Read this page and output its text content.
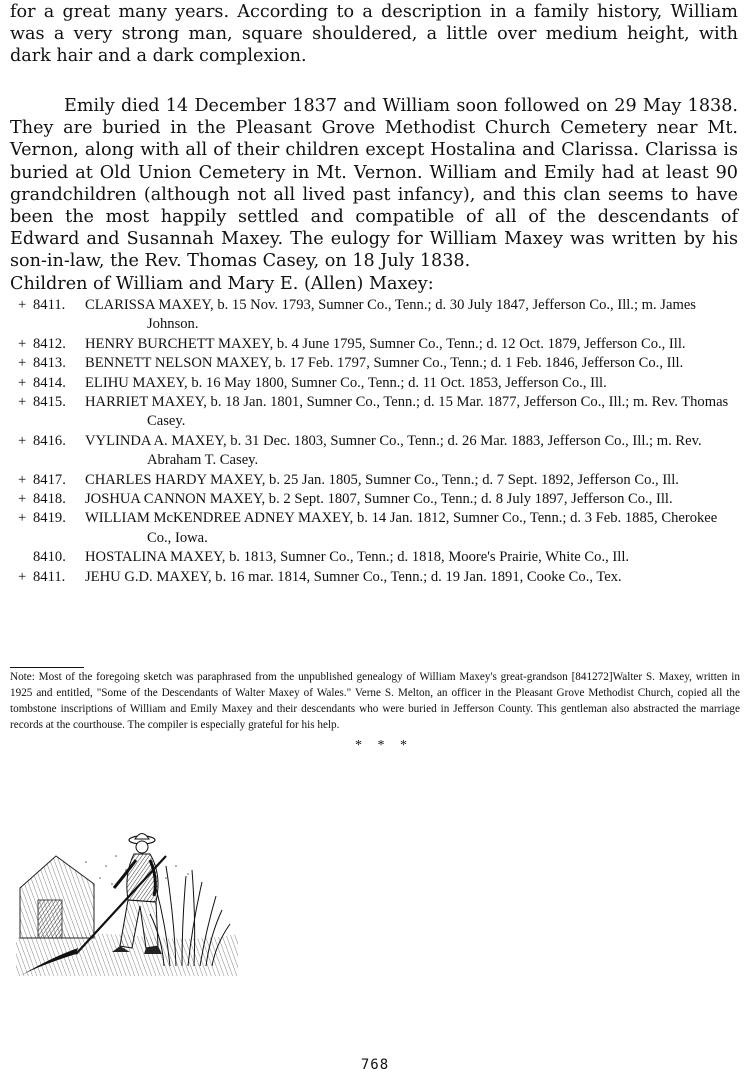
for a great many years. According to a description in a family history, William was a very strong man, square shouldered, a little over medium height, with dark hair and a dark complexion.

Emily died 14 December 1837 and William soon followed on 29 May 1838. They are buried in the Pleasant Grove Methodist Church Cemetery near Mt. Vernon, along with all of their children except Hostalina and Clarissa. Clarissa is buried at Old Union Cemetery in Mt. Vernon. William and Emily had at least 90 grandchildren (although not all lived past infancy), and this clan seems to have been the most happily settled and compatible of all of the descendants of Edward and Susannah Maxey. The eulogy for William Maxey was written by his son-in-law, the Rev. Thomas Casey, on 18 July 1838.

Children of William and Mary E. (Allen) Maxey:

+ 8411.	CLARISSA MAXEY, b. 15 Nov. 1793, Sumner Co., Tenn.; d. 30 July 1847, Jefferson Co., Ill.; m. James Johnson.
+ 8412.	HENRY BURCHETT MAXEY, b. 4 June 1795, Sumner Co., Tenn.; d. 12 Oct. 1879, Jefferson Co., Ill.
+ 8413.	BENNETT NELSON MAXEY, b. 17 Feb. 1797, Sumner Co., Tenn.; d. 1 Feb. 1846, Jefferson Co., Ill.
+ 8414.	ELIHU MAXEY, b. 16 May 1800, Sumner Co., Tenn.; d. 11 Oct. 1853, Jefferson Co., Ill.
+ 8415.	HARRIET MAXEY, b. 18 Jan. 1801, Sumner Co., Tenn.; d. 15 Mar. 1877, Jefferson Co., Ill.; m. Rev. Thomas Casey.
+ 8416.	VYLINDA A. MAXEY, b. 31 Dec. 1803, Sumner Co., Tenn.; d. 26 Mar. 1883, Jefferson Co., Ill.; m. Rev. Abraham T. Casey.
+ 8417.	CHARLES HARDY MAXEY, b. 25 Jan. 1805, Sumner Co., Tenn.; d. 7 Sept. 1892, Jefferson Co., Ill.
+ 8418.	JOSHUA CANNON MAXEY, b. 2 Sept. 1807, Sumner Co., Tenn.; d. 8 July 1897, Jefferson Co., Ill.
+ 8419.	WILLIAM McKENDREE ADNEY MAXEY, b. 14 Jan. 1812, Sumner Co., Tenn.; d. 3 Feb. 1885, Cherokee Co., Iowa.
8410.	HOSTALINA MAXEY, b. 1813, Sumner Co., Tenn.; d. 1818, Moore's Prairie, White Co., Ill.
+ 8411.	JEHU G.D. MAXEY, b. 16 mar. 1814, Sumner Co., Tenn.; d. 19 Jan. 1891, Cooke Co., Tex.

Note: Most of the foregoing sketch was paraphrased from the unpublished genealogy of William Maxey's great-grandson [841272]Walter S. Maxey, written in 1925 and entitled, "Some of the Descendants of Walter Maxey of Wales." Verne S. Melton, an officer in the Pleasant Grove Methodist Church, copied all the tombstone inscriptions of William and Emily Maxey and their descendants who were buried in Jefferson County. This gentleman also abstracted the marriage records at the courthouse. The compiler is especially grateful for his help.

* * *
768
